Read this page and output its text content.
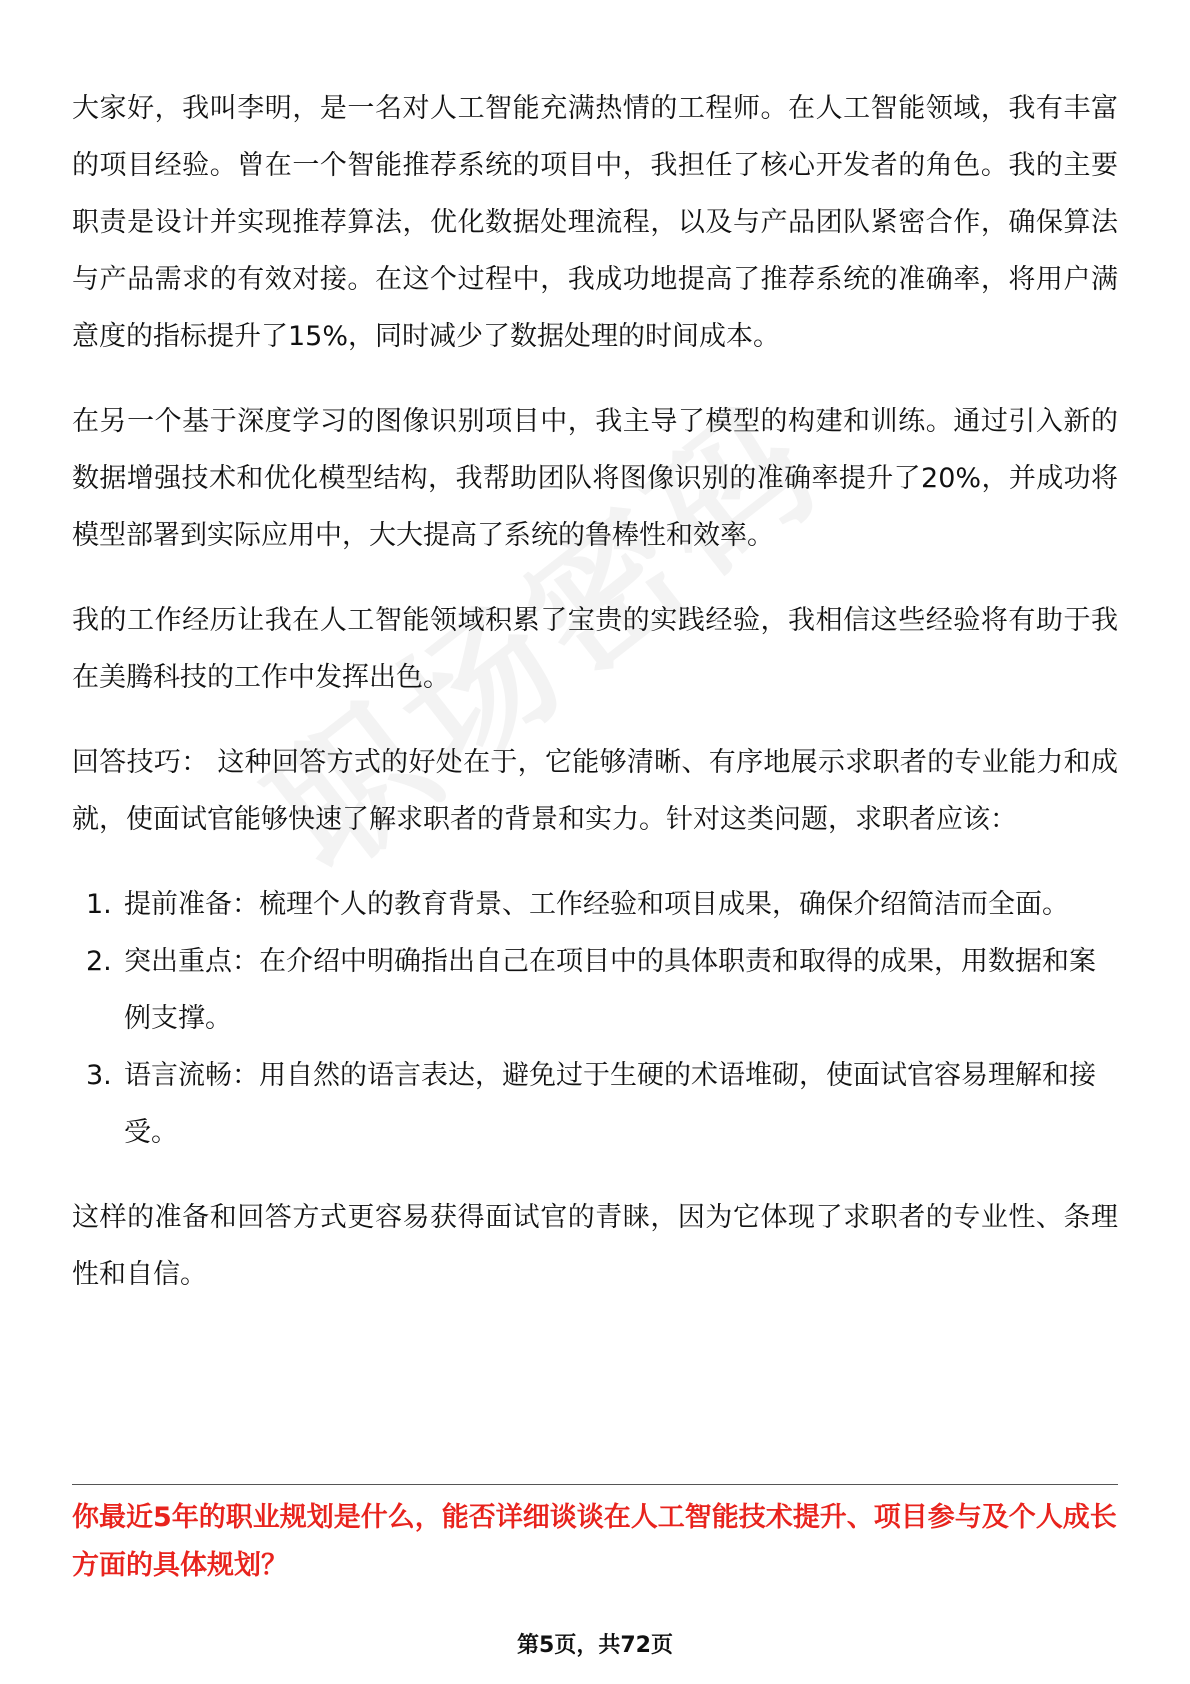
大家好，我叫李明，是一名对人工智能充满热情的工程师。在人工智能领域，我有丰富的项目经验。曾在一个智能推荐系统的项目中，我担任了核心开发者的角色。我的主要职责是设计并实现推荐算法，优化数据处理流程，以及与产品团队紧密合作，确保算法与产品需求的有效对接。在这个过程中，我成功地提高了推荐系统的准确率，将用户满意度的指标提升了15%，同时减少了数据处理的时间成本。

在另一个基于深度学习的图像识别项目中，我主导了模型的构建和训练。通过引入新的数据增强技术和优化模型结构，我帮助团队将图像识别的准确率提升了20%，并成功将模型部署到实际应用中，大大提高了系统的鲁棒性和效率。

我的工作经历让我在人工智能领域积累了宝贵的实践经验，我相信这些经验将有助于我在美腾科技的工作中发挥出色。

回答技巧： 这种回答方式的好处在于，它能够清晰、有序地展示求职者的专业能力和成就，使面试官能够快速了解求职者的背景和实力。针对这类问题，求职者应该：

1. 提前准备：梳理个人的教育背景、工作经验和项目成果，确保介绍简洁而全面。
2. 突出重点：在介绍中明确指出自己在项目中的具体职责和取得的成果，用数据和案例支撑。
3. 语言流畅：用自然的语言表达，避免过于生硬的术语堆砌，使面试官容易理解和接受。

这样的准备和回答方式更容易获得面试官的青睐，因为它体现了求职者的专业性、条理性和自信。

你最近5年的职业规划是什么，能否详细谈谈在人工智能技术提升、项目参与及个人成长方面的具体规划？

第5页，共72页
